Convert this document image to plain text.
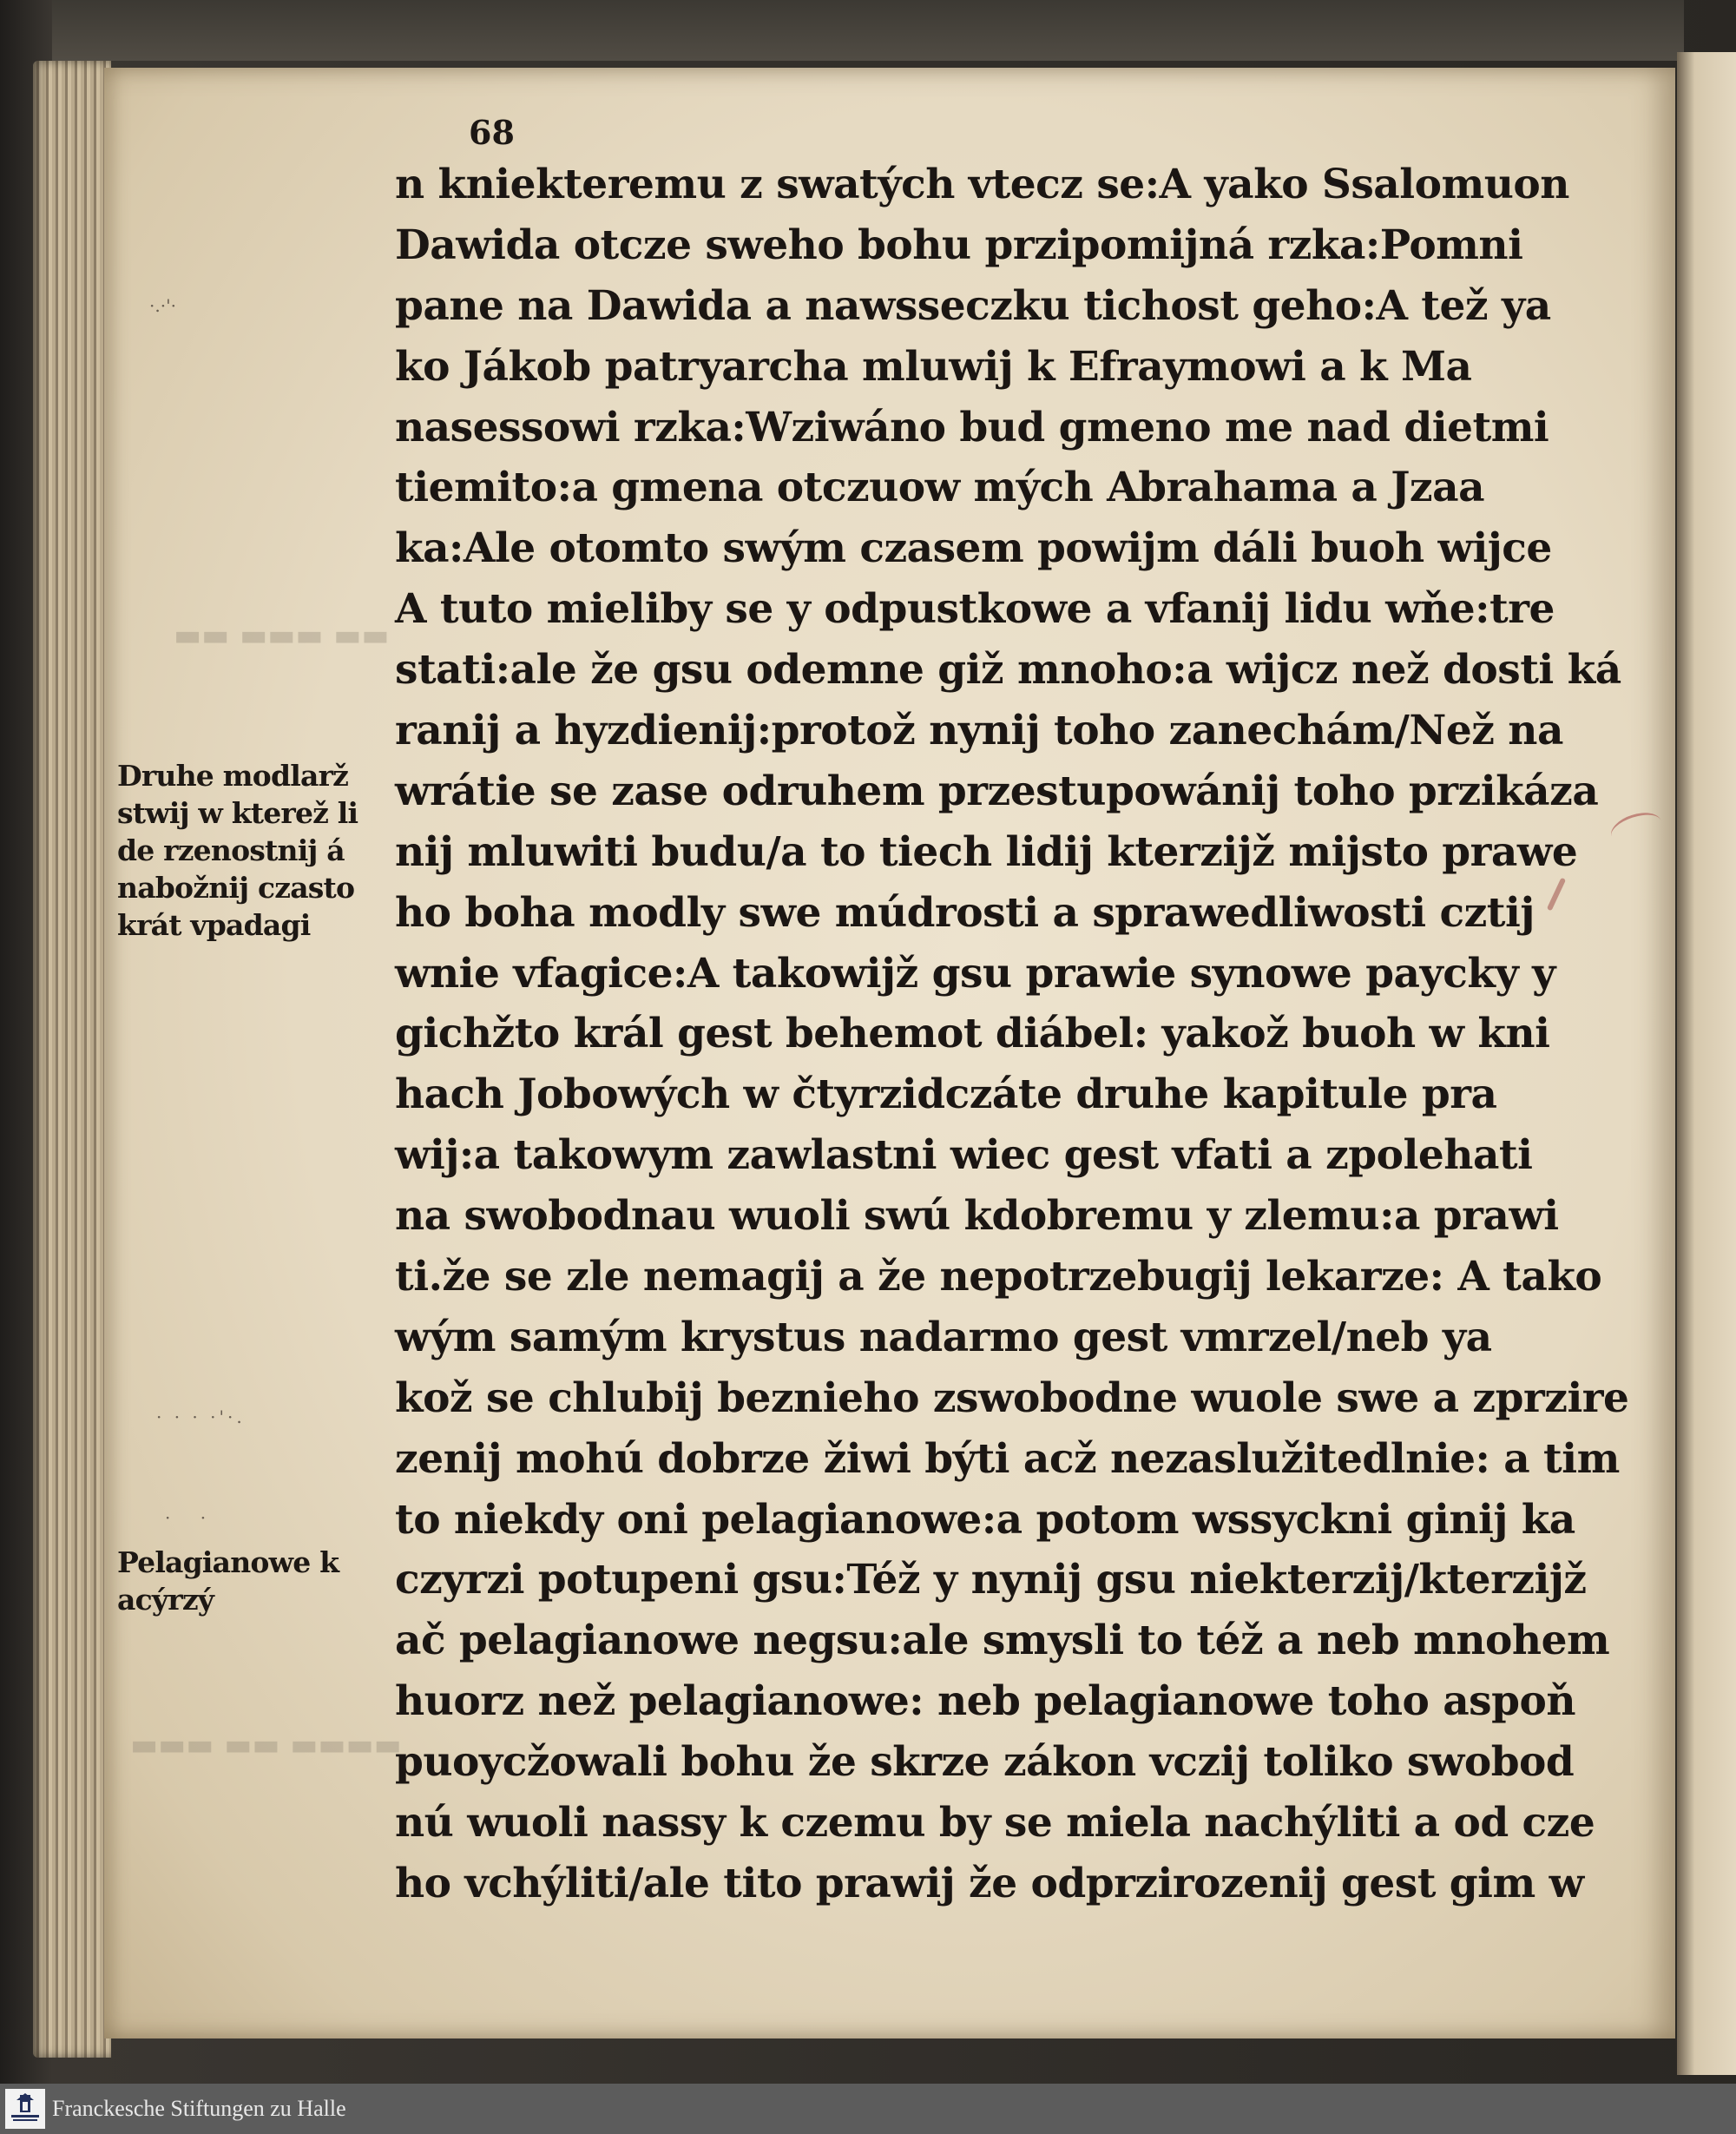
▬▬ ▬▬▬ ▬▬
▬▬▬ ▬▬ ▬▬▬▬
·.·'·
· · · ·'·.
· ·
68
n kniekteremu z swatých vtecz se:A yako Ssalomuon
Dawida otcze sweho bohu przipomijná rzka:Pomni
pane na Dawida a nawsseczku tichost geho:A tež ya
ko Jákob patryarcha mluwij k Efraymowi a k Ma
nasessowi rzka:Wziwáno bud gmeno me nad dietmi
tiemito:a gmena otczuow mých Abrahama a Jzaa
ka:Ale otomto swým czasem powijm dáli buoh wijce
A tuto mieliby se y odpustkowe a vfanij lidu wňe:tre
stati:ale že gsu odemne giž mnoho:a wijcz než dosti ká
ranij a hyzdienij:protož nynij toho zanechám/Než na
wrátie se zase odruhem przestupowánij toho przikáza
nij mluwiti budu/a to tiech lidij kterzijž mijsto prawe
ho boha modly swe múdrosti a sprawedliwosti cztij
wnie vfagice:A takowijž gsu prawie synowe paycky y
gichžto král gest behemot diábel: yakož buoh w kni
hach Jobowých w čtyrzidczáte druhe kapitule pra
wij:a takowym zawlastni wiec gest vfati a zpolehati
na swobodnau wuoli swú kdobremu y zlemu:a prawi
ti.že se zle nemagij a že nepotrzebugij lekarze: A tako
wým samým krystus nadarmo gest vmrzel/neb ya
kož se chlubij beznieho zswobodne wuole swe a zprzire
zenij mohú dobrze žiwi býti acž nezaslužitedlnie: a tim
to niekdy oni pelagianowe:a potom wssyckni ginij ka
czyrzi potupeni gsu:Též y nynij gsu niekterzij/kterzijž
ač pelagianowe negsu:ale smysli to též a neb mnohem
huorz než pelagianowe: neb pelagianowe toho aspoň
puoycžowali bohu že skrze zákon vczij toliko swobod
nú wuoli nassy k czemu by se miela nachýliti a od cze
ho vchýliti/ale tito prawij že odprzirozenij gest gim w
Druhe modlarž
stwij w kterež li
de rzenostnij á
nabožnij czasto
krát vpadagi
Pelagianowe k
acýrzý
Franckesche Stiftungen zu Halle
